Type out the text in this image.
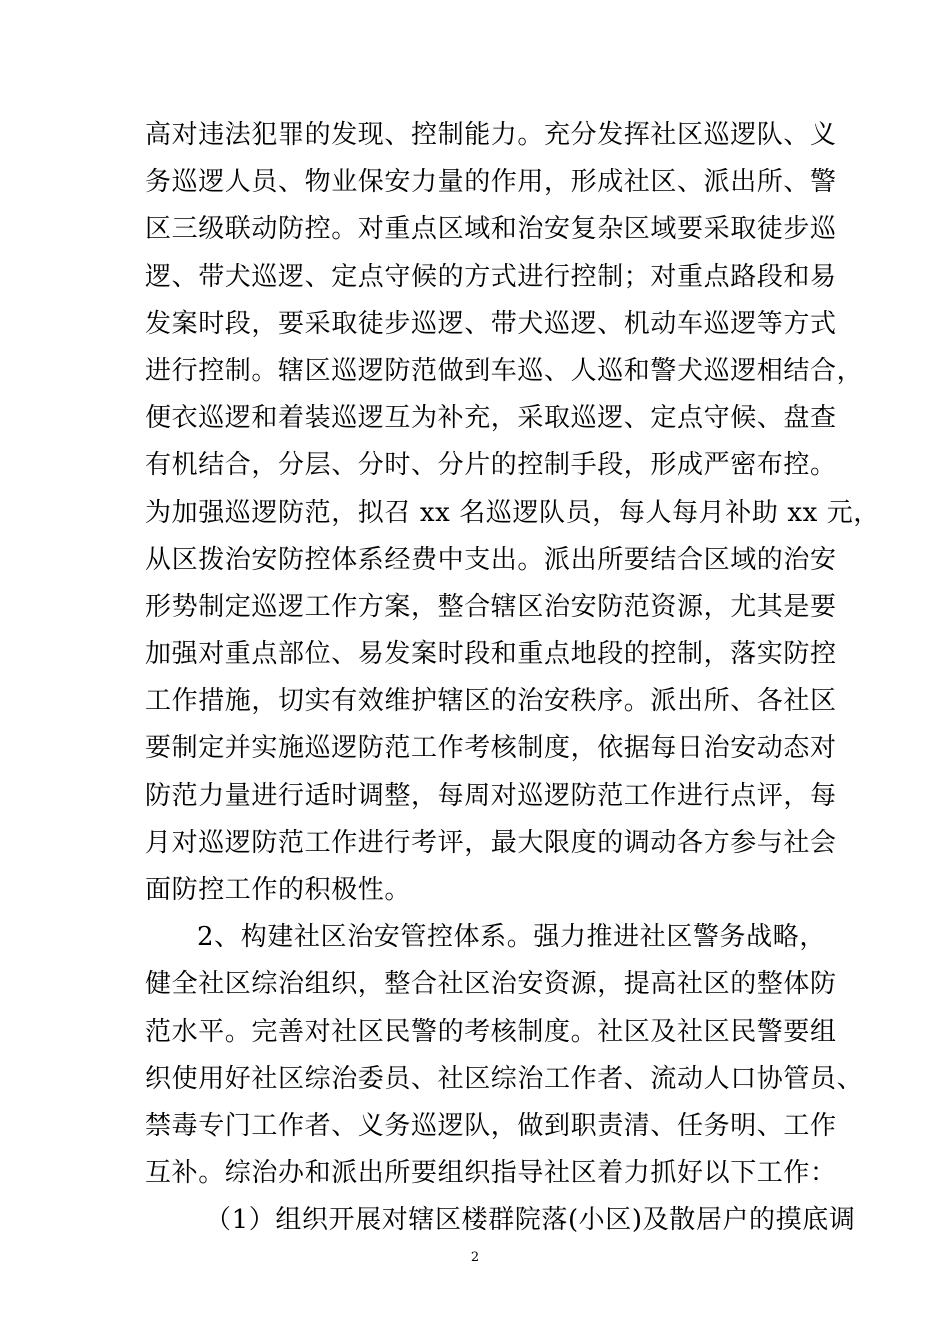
高对违法犯罪的发现、控制能力。充分发挥社区巡逻队、义
务巡逻人员、物业保安力量的作用，形成社区、派出所、警
区三级联动防控。对重点区域和治安复杂区域要采取徒步巡
逻、带犬巡逻、定点守候的方式进行控制；对重点路段和易
发案时段，要采取徒步巡逻、带犬巡逻、机动车巡逻等方式
进行控制。辖区巡逻防范做到车巡、人巡和警犬巡逻相结合，
便衣巡逻和着装巡逻互为补充，采取巡逻、定点守候、盘查
有机结合，分层、分时、分片的控制手段，形成严密布控。
为加强巡逻防范，拟召 xx 名巡逻队员，每人每月补助 xx 元，
从区拨治安防控体系经费中支出。派出所要结合区域的治安
形势制定巡逻工作方案，整合辖区治安防范资源，尤其是要
加强对重点部位、易发案时段和重点地段的控制，落实防控
工作措施，切实有效维护辖区的治安秩序。派出所、各社区
要制定并实施巡逻防范工作考核制度，依据每日治安动态对
防范力量进行适时调整，每周对巡逻防范工作进行点评，每
月对巡逻防范工作进行考评，最大限度的调动各方参与社会
面防控工作的积极性。
2、构建社区治安管控体系。强力推进社区警务战略，
健全社区综治组织，整合社区治安资源，提高社区的整体防
范水平。完善对社区民警的考核制度。社区及社区民警要组
织使用好社区综治委员、社区综治工作者、流动人口协管员、
禁毒专门工作者、义务巡逻队，做到职责清、任务明、工作
互补。综治办和派出所要组织指导社区着力抓好以下工作：
（1）组织开展对辖区楼群院落(小区)及散居户的摸底调
2
